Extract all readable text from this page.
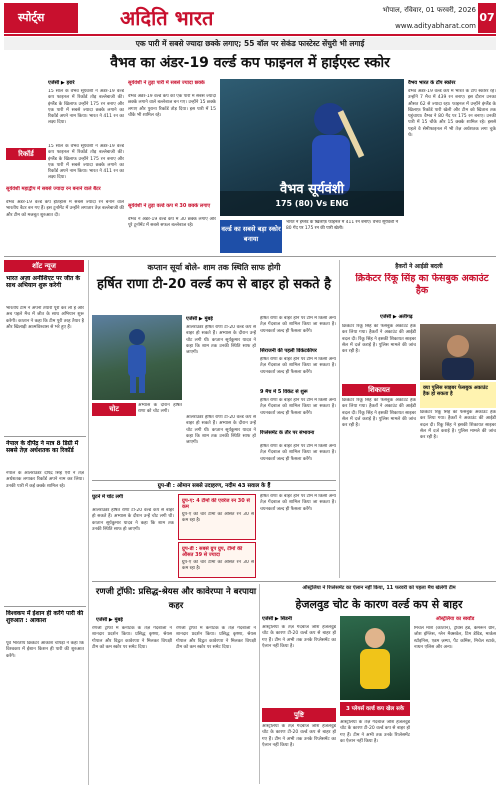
स्पोर्ट्स	अदिति भारत	भोपाल, रविवार, 01 फरवरी, 2026
www.adityabharat.com
07
एक पारी में सबसे ज्यादा छक्के लगाए; 55 बॉल पर सेकंड फास्टेस्ट सेंचुरी भी लगाई
वैभव का अंडर-19 वर्ल्ड कप फाइनल में हाईएस्ट स्कोर
एजेंसी ▶ हरारे
15 साल के वैभव सूर्यवंशी ने अंडर-19 वर्ल्ड कप फाइनल में रिकॉर्ड तोड़ बल्लेबाजी की। इंग्लैंड के खिलाफ उन्होंने 175 रन बनाए और एक पारी में सबसे ज्यादा छक्के लगाने का रिकॉर्ड अपने नाम किया। भारत ने 411 रन का लक्ष्य दिया।
रिकॉर्ड
15 साल के वैभव सूर्यवंशी ने अंडर-19 वर्ल्ड कप फाइनल में रिकॉर्ड तोड़ बल्लेबाजी की। इंग्लैंड के खिलाफ उन्होंने 175 रन बनाए और एक पारी में सबसे ज्यादा छक्के लगाने का रिकॉर्ड अपने नाम किया। भारत ने 411 रन का लक्ष्य दिया।
सूर्यवंशी महाद्वीप में सबसे ज्यादा रन बनाने वाले बैटर
वैभव अंडर-19 वर्ल्ड कप इतिहास में सबसे ज्यादा रन बनाने वाले भारतीय बैटर बन गए हैं। इस टूर्नामेंट में उन्होंने लगातार तेज़ बल्लेबाजी की और टीम को मजबूत शुरुआत दी।
सूर्यवंशी ने तुड़ा पारी में सबसे ज्यादा छक्के
वैभव अंडर-19 वर्ल्ड कप की एक पारी में सबसे ज्यादा छक्के लगाने वाले बल्लेबाज बन गए। उन्होंने 15 छक्के लगाए और पुराना रिकॉर्ड तोड़ दिया। इस पारी में 15 चौके भी शामिल रहे।
सूर्यवंशी ने तुड़ा वर्ल्ड कप में 30 छक्के लगाए
वैभव ने अंडर-19 वर्ल्ड कप में 30 छक्के लगाए और पूरे टूर्नामेंट में सबसे सफल बल्लेबाज रहे।
वैभव सूर्यवंशी
175 (80) Vs ENG
वर्ल्ड का सबसे बड़ा स्कोर बनाया
भारत ने इंग्लैंड के खिलाफ़ फाइनल में 411 रन बनाए। वैभव सूर्यवंशी ने 80 गेंद पर 175 रन की पारी खेली।
वैभव भारत के टॉप स्कोरर
वैभव अंडर-19 वर्ल्ड कप में भारत के टॉप स्कोरर रहे। उन्होंने 7 मैच में 439 रन बनाए। इस दौरान उनका औसत 62 से ज्यादा रहा। फाइनल में उन्होंने इंग्लैंड के खिलाफ़ रिकॉर्ड पारी खेली और टीम को खिताब तक पहुंचाया। वैभव ने 80 गेंद पर 175 रन बनाए। उनकी पारी में 15 चौके और 15 छक्के शामिल रहे। इससे पहले वे सेमीफाइनल में भी तेज़ अर्धशतक लगा चुके थे।
शॉट न्यूज
भारत अज़ा अनीशिएट पर जीत के साथ अभियान शुरू करेगी
भारतीय टीम ने अपनी तैयारी पूरी कर ली है और अब पहले मैच में जीत के साथ अभियान शुरू करेगी। कप्तान ने कहा कि टीम पूरी तरह तैयार है और खिलाड़ी आत्मविश्वास से भरे हुए हैं।
नेपाल के दीपेंद्र ने मात्र 8 डिग्री में सबसे तेज़ अर्धशतक का रिकॉर्ड
नेपाल के ऑलराउंडर दीपेंद्र सिंह ऐरी ने तेज़ अर्धशतक लगाकर रिकॉर्ड अपने नाम कर लिया। उनकी पारी में कई छक्के शामिल रहे।
विश्वकप में ईशान ही करेंगे पारी की शुरुआत : आकाश
पूर्व भारतीय क्रिकेटर आकाश चोपड़ा ने कहा कि विश्वकप में ईशान किशन ही पारी की शुरुआत करेंगे।
कप्तान सूर्या बोले- शाम तक स्थिति साफ होगी
हर्षित राणा टी-20 वर्ल्ड कप से बाहर हो सकते है
एजेंसी ▶ मुंबई
ऑलराउंडर हर्षित राणा टी-20 वर्ल्ड कप से बाहर हो सकते हैं। अभ्यास के दौरान उन्हें चोट लगी थी। कप्तान सूर्यकुमार यादव ने कहा कि शाम तक उनकी स्थिति साफ हो जाएगी।
चोट	अभ्यास के दौरान हर्षित राणा को चोट लगी।
ऑलराउंडर हर्षित राणा टी-20 वर्ल्ड कप से बाहर हो सकते हैं। अभ्यास के दौरान उन्हें चोट लगी थी। कप्तान सूर्यकुमार यादव ने कहा कि शाम तक उनकी स्थिति साफ हो जाएगी।
ग्रुप-बी : ओमान सबसे उदाहरण, नदीम 43 सवाल के हैं
घुटने में चोट लगी
ऑलराउंडर हर्षित राणा टी-20 वर्ल्ड कप से बाहर हो सकते हैं। अभ्यास के दौरान उन्हें चोट लगी थी। कप्तान सूर्यकुमार यादव ने कहा कि शाम तक उनकी स्थिति साफ हो जाएगी।
ग्रुप-ए: 4 टीमों की एवरेज रन 30 से कम
ग्रुप-ए की चार टीमों का औसत रन 30 से कम रहा है।
ग्रुप-डी : सबसे ग्रुप ग्रुप, टीमों की औसत 39 से ज्यादा
ग्रुप-ए की चार टीमों का औसत रन 30 से कम रहा है।
हर्षित राणा के बाहर होने पर टीम में किसी अन्य तेज़ गेंदबाज को शामिल किया जा सकता है। चयनकर्ता जल्द ही फैसला करेंगे।
सिराजनी की पहली विकेटकीपर
हर्षित राणा के बाहर होने पर टीम में किसी अन्य तेज़ गेंदबाज को शामिल किया जा सकता है। चयनकर्ता जल्द ही फैसला करेंगे।
9 मैच में 5 विकेट से शुरू
हर्षित राणा के बाहर होने पर टीम में किसी अन्य तेज़ गेंदबाज को शामिल किया जा सकता है। चयनकर्ता जल्द ही फैसला करेंगे।
रिप्लेसमेंट के तौर पर संभावना
हर्षित राणा के बाहर होने पर टीम में किसी अन्य तेज़ गेंदबाज को शामिल किया जा सकता है। चयनकर्ता जल्द ही फैसला करेंगे।
हर्षित राणा के बाहर होने पर टीम में किसी अन्य तेज़ गेंदबाज को शामिल किया जा सकता है। चयनकर्ता जल्द ही फैसला करेंगे।
हैकरों ने आईडी बदली
क्रिकेटर रिंकू सिंह का फेसबुक अकाउंट हैक
एजेंसी ▶ अलीगढ़
क्रिकेटर रिंकू सिंह का फेसबुक अकाउंट हैक कर लिया गया। हैकरों ने अकाउंट की आईडी बदल दी। रिंकू सिंह ने इसकी शिकायत साइबर सेल में दर्ज कराई है। पुलिस मामले की जांच कर रही है।
क्या पुलिस साइबर फेसबुक अकाउंट हैक हो सकता है
शिकायत
क्रिकेटर रिंकू सिंह का फेसबुक अकाउंट हैक कर लिया गया। हैकरों ने अकाउंट की आईडी बदल दी। रिंकू सिंह ने इसकी शिकायत साइबर सेल में दर्ज कराई है। पुलिस मामले की जांच कर रही है।
क्रिकेटर रिंकू सिंह का फेसबुक अकाउंट हैक कर लिया गया। हैकरों ने अकाउंट की आईडी बदल दी। रिंकू सिंह ने इसकी शिकायत साइबर सेल में दर्ज कराई है। पुलिस मामले की जांच कर रही है।
रणजी ट्रॉफी: प्रसिद्ध-श्रेयस और कावेरप्पा ने बरपाया कहर
एजेंसी ▶ मुंबई
रणजी ट्रॉफी में कर्नाटक के तेज़ गेंदबाजों ने शानदार प्रदर्शन किया। प्रसिद्ध कृष्णा, श्रेयस गोपाल और विद्वत कावेरप्पा ने मिलकर विपक्षी टीम को कम स्कोर पर समेट दिया।
रणजी ट्रॉफी में कर्नाटक के तेज़ गेंदबाजों ने शानदार प्रदर्शन किया। प्रसिद्ध कृष्णा, श्रेयस गोपाल और विद्वत कावेरप्पा ने मिलकर विपक्षी टीम को कम स्कोर पर समेट दिया।
ऑस्ट्रेलिया ने रिप्लेसमेंट का ऐलान नहीं किया, 11 फरवरी को पहला मैच खेलेगी टीम
हेजलवुड चोट के कारण वर्ल्ड कप से बाहर
एजेंसी ▶ सिडनी
ऑस्ट्रेलिया के तेज़ गेंदबाज जोश हेजलवुड चोट के कारण टी-20 वर्ल्ड कप से बाहर हो गए हैं। टीम ने अभी तक उनके रिप्लेसमेंट का ऐलान नहीं किया है।
3 प्लेयर्स वर्ल्ड कप खेल सके
पुष्टि
ऑस्ट्रेलिया के तेज़ गेंदबाज जोश हेजलवुड चोट के कारण टी-20 वर्ल्ड कप से बाहर हो गए हैं। टीम ने अभी तक उनके रिप्लेसमेंट का ऐलान नहीं किया है।
ऑस्ट्रेलिया के तेज़ गेंदबाज जोश हेजलवुड चोट के कारण टी-20 वर्ल्ड कप से बाहर हो गए हैं। टीम ने अभी तक उनके रिप्लेसमेंट का ऐलान नहीं किया है।
ऑस्ट्रेलिया का स्क्वॉड
मिचेल मार्श (कप्तान), ट्रैविस हेड, कैमरून ग्रीन, जोश इंग्लिस, ग्लेन मैक्सवेल, टिम डेविड, मार्कस स्टोइनिस, एडम ज़म्पा, पैट कमिंस, मिचेल स्टार्क, नाथन एलिस और अन्य।
